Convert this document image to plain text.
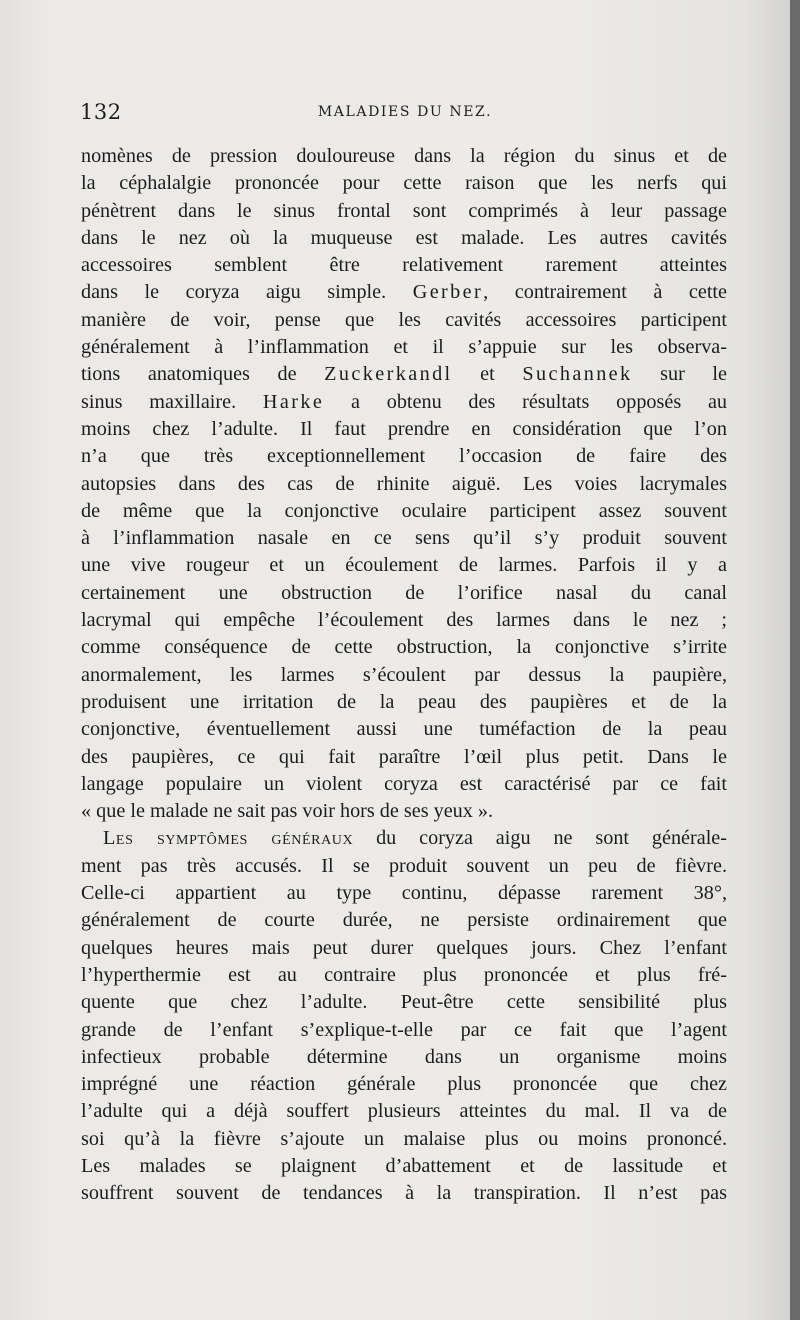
132	MALADIES DU NEZ.
nomènes de pression douloureuse dans la région du sinus et de
la céphalalgie prononcée pour cette raison que les nerfs qui
pénètrent dans le sinus frontal sont comprimés à leur passage
dans le nez où la muqueuse est malade. Les autres cavités
accessoires semblent être relativement rarement atteintes
dans le coryza aigu simple. Gerber, contrairement à cette
manière de voir, pense que les cavités accessoires participent
généralement à l’inflammation et il s’appuie sur les observa-
tions anatomiques de Zuckerkandl et Suchannek sur le
sinus maxillaire. Harke a obtenu des résultats opposés au
moins chez l’adulte. Il faut prendre en considération que l’on
n’a que très exceptionnellement l’occasion de faire des
autopsies dans des cas de rhinite aiguë. Les voies lacrymales
de même que la conjonctive oculaire participent assez souvent
à l’inflammation nasale en ce sens qu’il s’y produit souvent
une vive rougeur et un écoulement de larmes. Parfois il y a
certainement une obstruction de l’orifice nasal du canal
lacrymal qui empêche l’écoulement des larmes dans le nez ;
comme conséquence de cette obstruction, la conjonctive s’irrite
anormalement, les larmes s’écoulent par dessus la paupière,
produisent une irritation de la peau des paupières et de la
conjonctive, éventuellement aussi une tuméfaction de la peau
des paupières, ce qui fait paraître l’œil plus petit. Dans le
langage populaire un violent coryza est caractérisé par ce fait
« que le malade ne sait pas voir hors de ses yeux ».
Les symptômes généraux du coryza aigu ne sont générale-
ment pas très accusés. Il se produit souvent un peu de fièvre.
Celle-ci appartient au type continu, dépasse rarement 38°,
généralement de courte durée, ne persiste ordinairement que
quelques heures mais peut durer quelques jours. Chez l’enfant
l’hyperthermie est au contraire plus prononcée et plus fré-
quente que chez l’adulte. Peut-être cette sensibilité plus
grande de l’enfant s’explique-t-elle par ce fait que l’agent
infectieux probable détermine dans un organisme moins
imprégné une réaction générale plus prononcée que chez
l’adulte qui a déjà souffert plusieurs atteintes du mal. Il va de
soi qu’à la fièvre s’ajoute un malaise plus ou moins prononcé.
Les malades se plaignent d’abattement et de lassitude et
souffrent souvent de tendances à la transpiration. Il n’est pas
